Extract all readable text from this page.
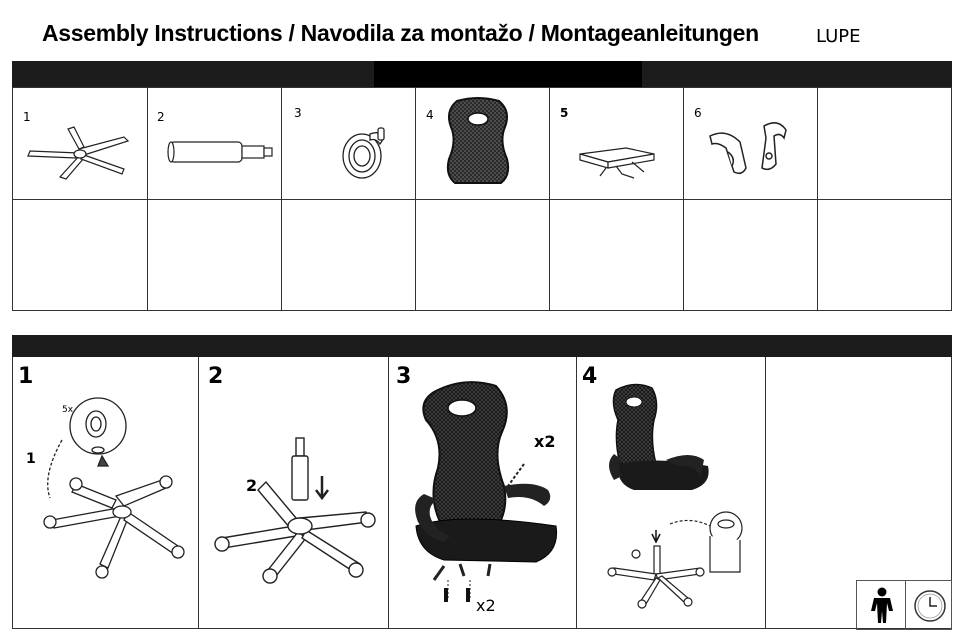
Assembly Instructions / Navodila za montažo / Montageanleitungen	LUPE
1	2	3	4	5	6
1	2	3	4
1
5x
2
x2
x2
